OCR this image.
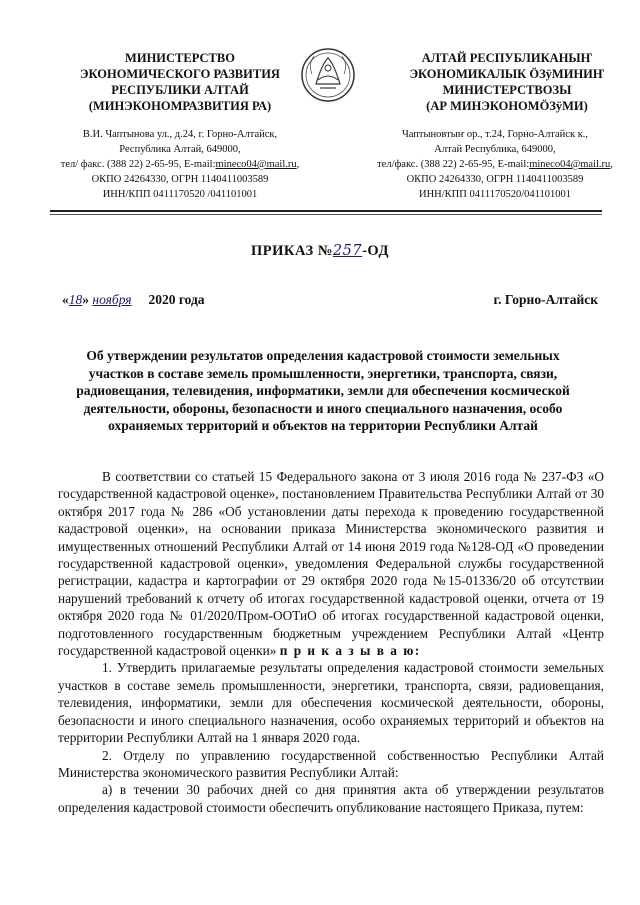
МИНИСТЕРСТВО
ЭКОНОМИЧЕСКОГО РАЗВИТИЯ
РЕСПУБЛИКИ АЛТАЙ
(МИНЭКОНОМРАЗВИТИЯ РА)
АЛТАЙ РЕСПУБЛИКАНЫҤ
ЭКОНОМИКАЛЫК ÖЗÿМИНИҤ
МИНИСТЕРСТВОЗЫ
(АР МИНЭКОНОМÖЗÿМИ)
В.И. Чаптынова ул., д.24, г. Горно-Алтайск,
Республика Алтай, 649000,
тел/ факс. (388 22) 2-65-95, E-mail:mineco04@mail.ru,
ОКПО 24264330, ОГРН 1140411003589
ИНН/КПП 0411170520 /041101001
Чаптыновтыҥ ор., т.24, Горно-Алтайск к.,
Алтай Республика, 649000,
тел/факс. (388 22) 2-65-95, E-mail:mineco04@mail.ru,
ОКПО 24264330, ОГРН 1140411003589
ИНН/КПП 0411170520/041101001
ПРИКАЗ №257-ОД
«18» ноября 2020 года	г. Горно-Алтайск
Об утверждении результатов определения кадастровой стоимости земельных участков в составе земель промышленности, энергетики, транспорта, связи, радиовещания, телевидения, информатики, земли для обеспечения космической деятельности, обороны, безопасности и иного специального назначения, особо охраняемых территорий и объектов на территории Республики Алтай

В соответствии со статьей 15 Федерального закона от 3 июля 2016 года № 237-ФЗ «О государственной кадастровой оценке», постановлением Правительства Республики Алтай от 30 октября 2017 года № 286 «Об установлении даты перехода к проведению государственной кадастровой оценки», на основании приказа Министерства экономического развития и имущественных отношений Республики Алтай от 14 июня 2019 года №128-ОД «О проведении государственной кадастровой оценки», уведомления Федеральной службы государственной регистрации, кадастра и картографии от 29 октября 2020 года №15-01336/20 об отсутствии нарушений требований к отчету об итогах государственной кадастровой оценки, отчета от 19 октября 2020 года № 01/2020/Пром-ООТиО об итогах государственной кадастровой оценки, подготовленного государственным бюджетным учреждением Республики Алтай «Центр государственной кадастровой оценки» п р и к а з ы в а ю:

1. Утвердить прилагаемые результаты определения кадастровой стоимости земельных участков в составе земель промышленности, энергетики, транспорта, связи, радиовещания, телевидения, информатики, земли для обеспечения космической деятельности, обороны, безопасности и иного специального назначения, особо охраняемых территорий и объектов на территории Республики Алтай на 1 января 2020 года.

2. Отделу по управлению государственной собственностью Республики Алтай Министерства экономического развития Республики Алтай:

а) в течении 30 рабочих дней со дня принятия акта об утверждении результатов определения кадастровой стоимости обеспечить опубликование настоящего Приказа, путем:
